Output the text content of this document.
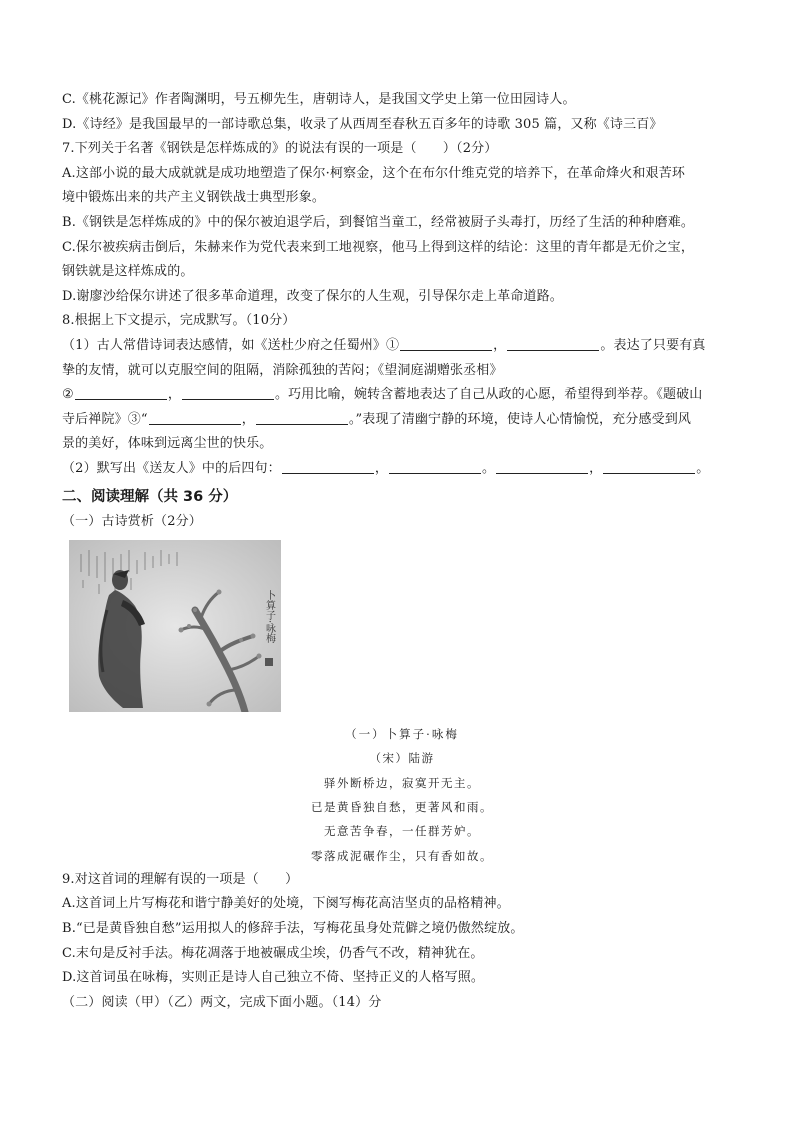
C.《桃花源记》作者陶渊明，号五柳先生，唐朝诗人，是我国文学史上第一位田园诗人。
D.《诗经》是我国最早的一部诗歌总集，收录了从西周至春秋五百多年的诗歌 305 篇，又称《诗三百》
7.下列关于名著《钢铁是怎样炼成的》的说法有误的一项是（　　）（2分）
A.这部小说的最大成就就是成功地塑造了保尔·柯察金，这个在布尔什维克党的培养下，在革命烽火和艰苦环
境中锻炼出来的共产主义钢铁战士典型形象。
B.《钢铁是怎样炼成的》中的保尔被迫退学后，到餐馆当童工，经常被厨子头毒打，历经了生活的种种磨难。
C.保尔被疾病击倒后，朱赫来作为党代表来到工地视察，他马上得到这样的结论：这里的青年都是无价之宝，
钢铁就是这样炼成的。
D.谢廖沙给保尔讲述了很多革命道理，改变了保尔的人生观，引导保尔走上革命道路。
8.根据上下文提示，完成默写。（10分）
（1）古人常借诗词表达感情，如《送杜少府之任蜀州》①	，	。表达了只要有真
挚的友情，就可以克服空间的阻隔，消除孤独的苦闷；《望洞庭湖赠张丞相》
②	，	。巧用比喻，婉转含蓄地表达了自己从政的心愿，希望得到举荐。《题破山
寺后禅院》③“	，	。”表现了清幽宁静的环境，使诗人心情愉悦，充分感受到风
景的美好，体味到远离尘世的快乐。
（2）默写出《送友人》中的后四句：	，	。	，	。
二、阅读理解（共 36 分）
（一）古诗赏析（2分）
卜算子·咏梅
（一）卜算子·咏梅
（宋）陆游
驿外断桥边，寂寞开无主。
已是黄昏独自愁，更著风和雨。
无意苦争春，一任群芳妒。
零落成泥碾作尘，只有香如故。
9.对这首词的理解有误的一项是（　　）
A.这首词上片写梅花和谐宁静美好的处境，下阕写梅花高洁坚贞的品格精神。
B.“已是黄昏独自愁”运用拟人的修辞手法，写梅花虽身处荒僻之境仍傲然绽放。
C.末句是反衬手法。梅花凋落于地被碾成尘埃，仍香气不改，精神犹在。
D.这首词虽在咏梅，实则正是诗人自己独立不倚、坚持正义的人格写照。
（二）阅读（甲）（乙）两文，完成下面小题。（14）分
